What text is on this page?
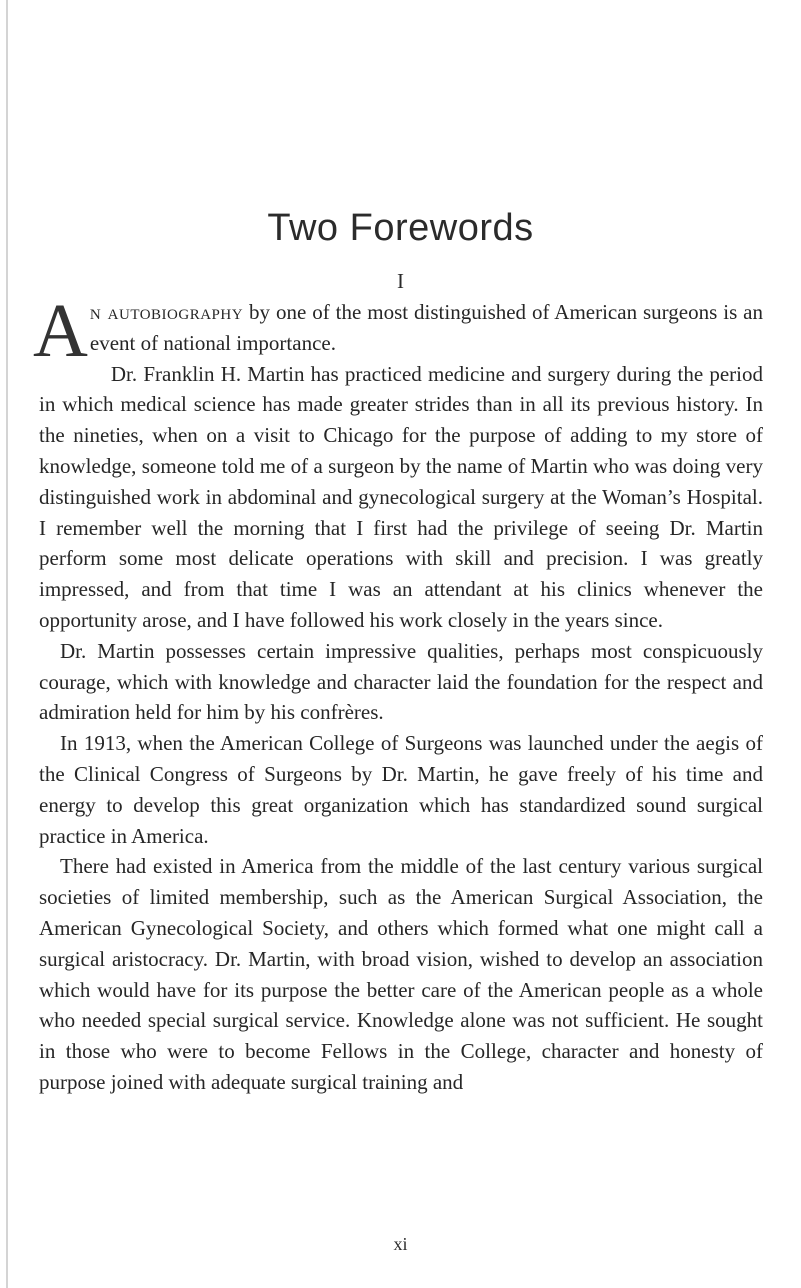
Two Forewords
I

An autobiography by one of the most distinguished of American surgeons is an event of national importance.

Dr. Franklin H. Martin has practiced medicine and surgery during the period in which medical science has made greater strides than in all its previous history. In the nineties, when on a visit to Chicago for the purpose of adding to my store of knowledge, someone told me of a surgeon by the name of Martin who was doing very distinguished work in abdominal and gynecological surgery at the Woman’s Hospital. I remember well the morning that I first had the privilege of seeing Dr. Martin perform some most delicate operations with skill and precision. I was greatly impressed, and from that time I was an attendant at his clinics whenever the opportunity arose, and I have followed his work closely in the years since.

Dr. Martin possesses certain impressive qualities, perhaps most conspicuously courage, which with knowledge and character laid the foundation for the respect and admiration held for him by his confrères.

In 1913, when the American College of Surgeons was launched under the aegis of the Clinical Congress of Surgeons by Dr. Martin, he gave freely of his time and energy to develop this great organization which has standardized sound surgical practice in America.

There had existed in America from the middle of the last century various surgical societies of limited membership, such as the American Surgical Association, the American Gynecological Society, and others which formed what one might call a surgical aristocracy. Dr. Martin, with broad vision, wished to develop an association which would have for its purpose the better care of the American people as a whole who needed special surgical service. Knowledge alone was not sufficient. He sought in those who were to become Fellows in the College, character and honesty of purpose joined with adequate surgical training and

xi
